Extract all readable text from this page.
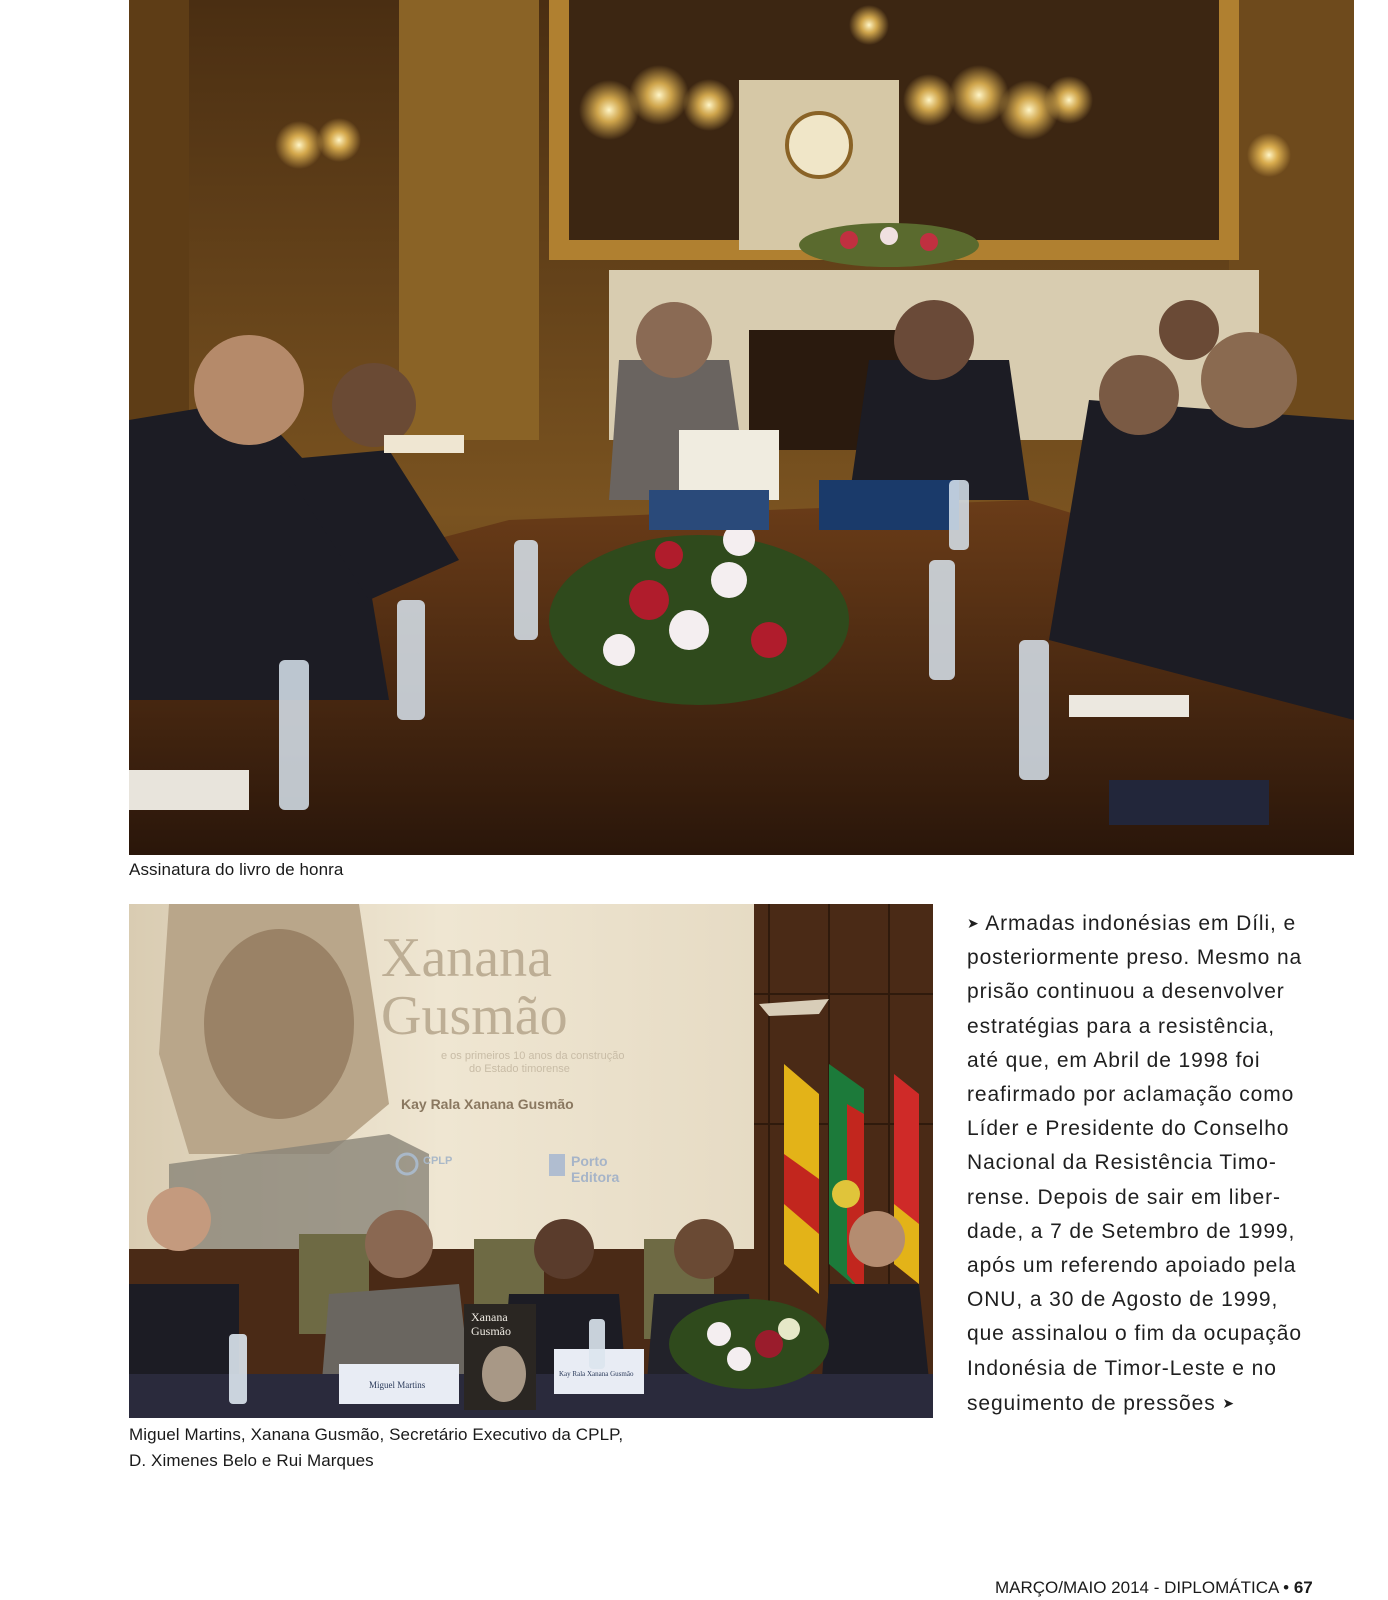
Assinatura do livro de honra
Xanana
Gusmão
e os primeiros 10 anos da construção
do Estado timorense
Kay Rala Xanana Gusmão
CPLP	Porto
Editora
Xanana
Gusmão
Miguel Martins
Kay Rala Xanana Gusmão
Miguel Martins, Xanana Gusmão, Secretário Executivo da CPLP,
D. Ximenes Belo e Rui Marques
➤ Armadas indonésias em Díli, e
posteriormente preso. Mesmo na
prisão continuou a desenvolver
estratégias para a resistência,
até que, em Abril de 1998 foi
reafirmado por aclamação como
Líder e Presidente do Conselho
Nacional da Resistência Timo-
rense. Depois de sair em liber-
dade, a 7 de Setembro de 1999,
após um referendo apoiado pela
ONU, a 30 de Agosto de 1999,
que assinalou o fim da ocupação
Indonésia de Timor-Leste e no
seguimento de pressões ➤
MARÇO/MAIO 2014 - DIPLOMÁTICA • 67
